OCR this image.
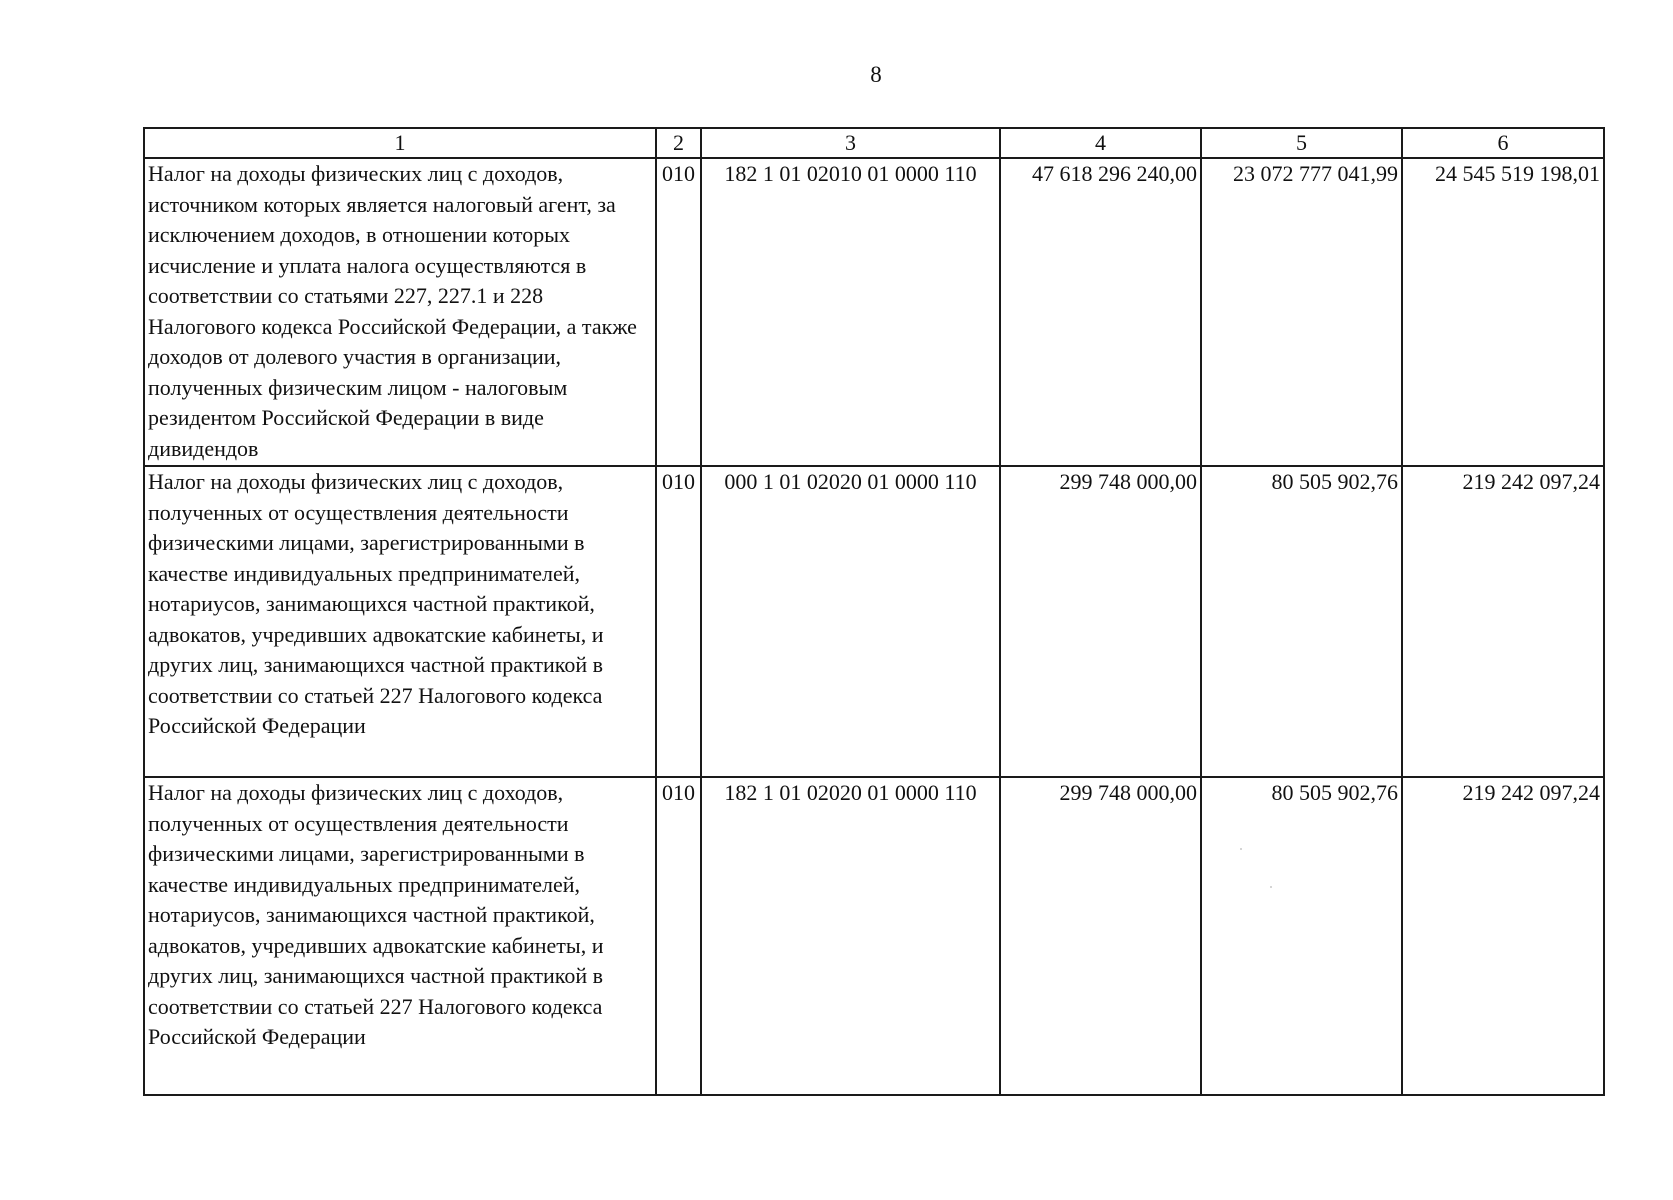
8
1	2	3	4	5	6
Налог на доходы физических лиц с доходов, источником которых является налоговый агент, за исключением доходов, в отношении которых исчисление и уплата налога осуществляются в соответствии со статьями 227, 227.1 и 228 Налогового кодекса Российской Федерации, а также доходов от долевого участия в организации, полученных физическим лицом - налоговым резидентом Российской Федерации в виде дивидендов	010	182 1 01 02010 01 0000 110	47 618 296 240,00	23 072 777 041,99	24 545 519 198,01
Налог на доходы физических лиц с доходов, полученных от осуществления деятельности физическими лицами, зарегистрированными в качестве индивидуальных предпринимателей, нотариусов, занимающихся частной практикой, адвокатов, учредивших адвокатские кабинеты, и других лиц, занимающихся частной практикой в соответствии со статьей 227 Налогового кодекса Российской Федерации	010	000 1 01 02020 01 0000 110	299 748 000,00	80 505 902,76	219 242 097,24
Налог на доходы физических лиц с доходов, полученных от осуществления деятельности физическими лицами, зарегистрированными в качестве индивидуальных предпринимателей, нотариусов, занимающихся частной практикой, адвокатов, учредивших адвокатские кабинеты, и других лиц, занимающихся частной практикой в соответствии со статьей 227 Налогового кодекса Российской Федерации	010	182 1 01 02020 01 0000 110	299 748 000,00	80 505 902,76	219 242 097,24
